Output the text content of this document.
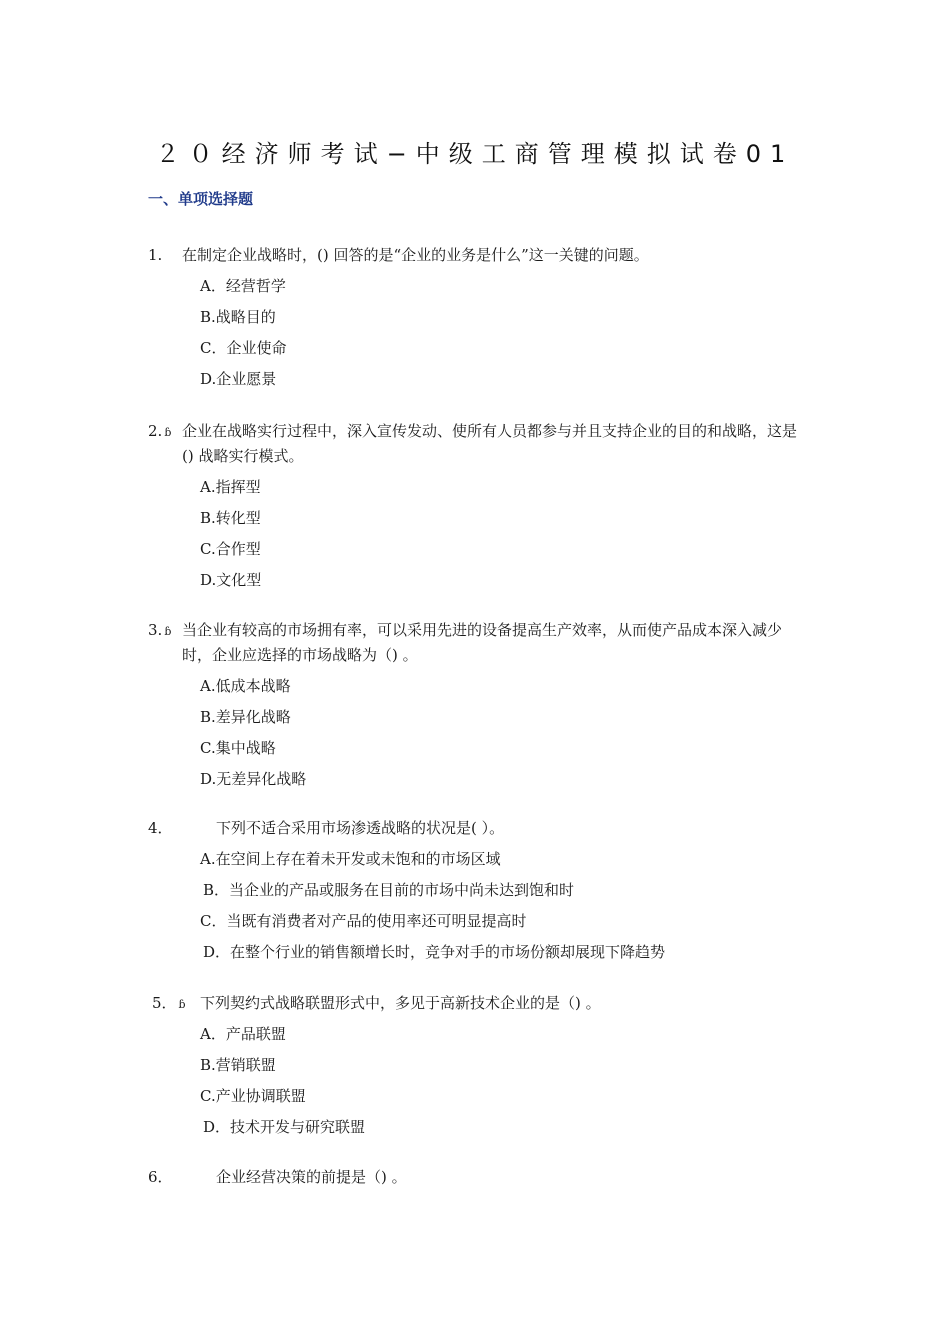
２０经济师考试−中级工商管理模拟试卷01
一、单项选择题
1. 在制定企业战略时，() 回答的是“企业的业务是什么”这一关键的问题。
A．经营哲学
B.战略目的
C．企业使命
D.企业愿景
2. ɓ 企业在战略实行过程中，深入宣传发动、使所有人员都参与并且支持企业的目的和战略，这是() 战略实行模式。
A.指挥型
B.转化型
C.合作型
D.文化型
3. ɓ 当企业有较高的市场拥有率，可以采用先进的设备提高生产效率，从而使产品成本深入减少时，企业应选择的市场战略为（) 。
A.低成本战略
B.差异化战略
C.集中战略
D.无差异化战略
4．	下列不适合采用市场渗透战略的状况是( ）。
A.在空间上存在着未开发或未饱和的市场区域
B．当企业的产品或服务在目前的市场中尚未达到饱和时
C．当既有消费者对产品的使用率还可明显提高时
D．在整个行业的销售额增长时，竞争对手的市场份额却展现下降趋势
5． ɓ 下列契约式战略联盟形式中，多见于高新技术企业的是（) 。
A．产品联盟
B.营销联盟
C.产业协调联盟
D．技术开发与研究联盟
6．	企业经营决策的前提是（) 。
